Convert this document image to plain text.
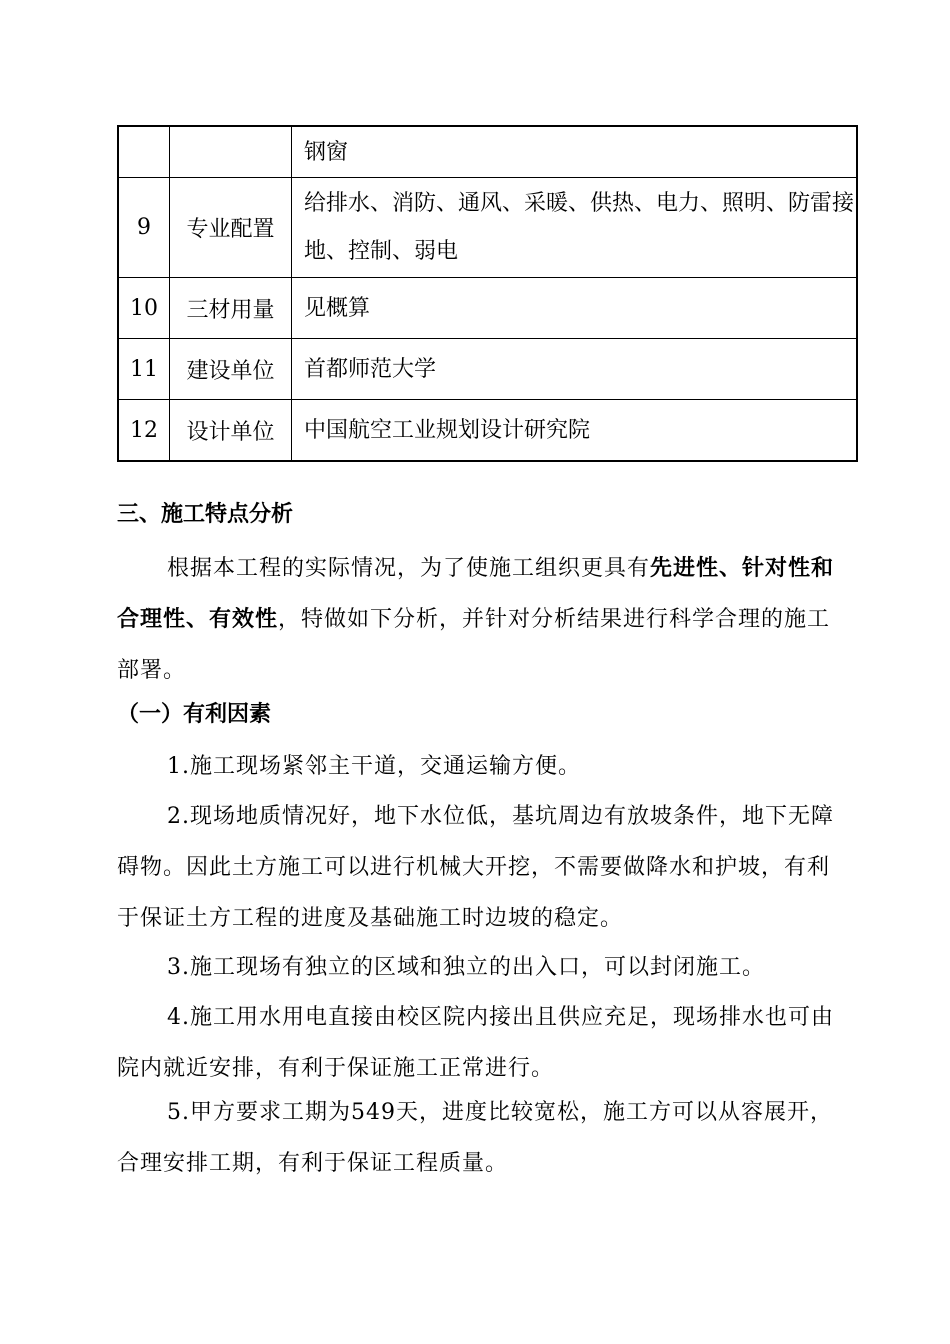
		钢窗
9	专业配置	给排水、消防、通风、采暖、供热、电力、照明、防雷接地、控制、弱电
10	三材用量	见概算
11	建设单位	首都师范大学
12	设计单位	中国航空工业规划设计研究院
三、施工特点分析

根据本工程的实际情况，为了使施工组织更具有先进性、针对性和合理性、有效性，特做如下分析，并针对分析结果进行科学合理的施工部署。

（一）有利因素

1.施工现场紧邻主干道，交通运输方便。

2.现场地质情况好，地下水位低，基坑周边有放坡条件，地下无障碍物。因此土方施工可以进行机械大开挖，不需要做降水和护坡，有利于保证土方工程的进度及基础施工时边坡的稳定。

3.施工现场有独立的区域和独立的出入口，可以封闭施工。

4.施工用水用电直接由校区院内接出且供应充足，现场排水也可由院内就近安排，有利于保证施工正常进行。

5.甲方要求工期为549天，进度比较宽松，施工方可以从容展开，合理安排工期，有利于保证工程质量。
